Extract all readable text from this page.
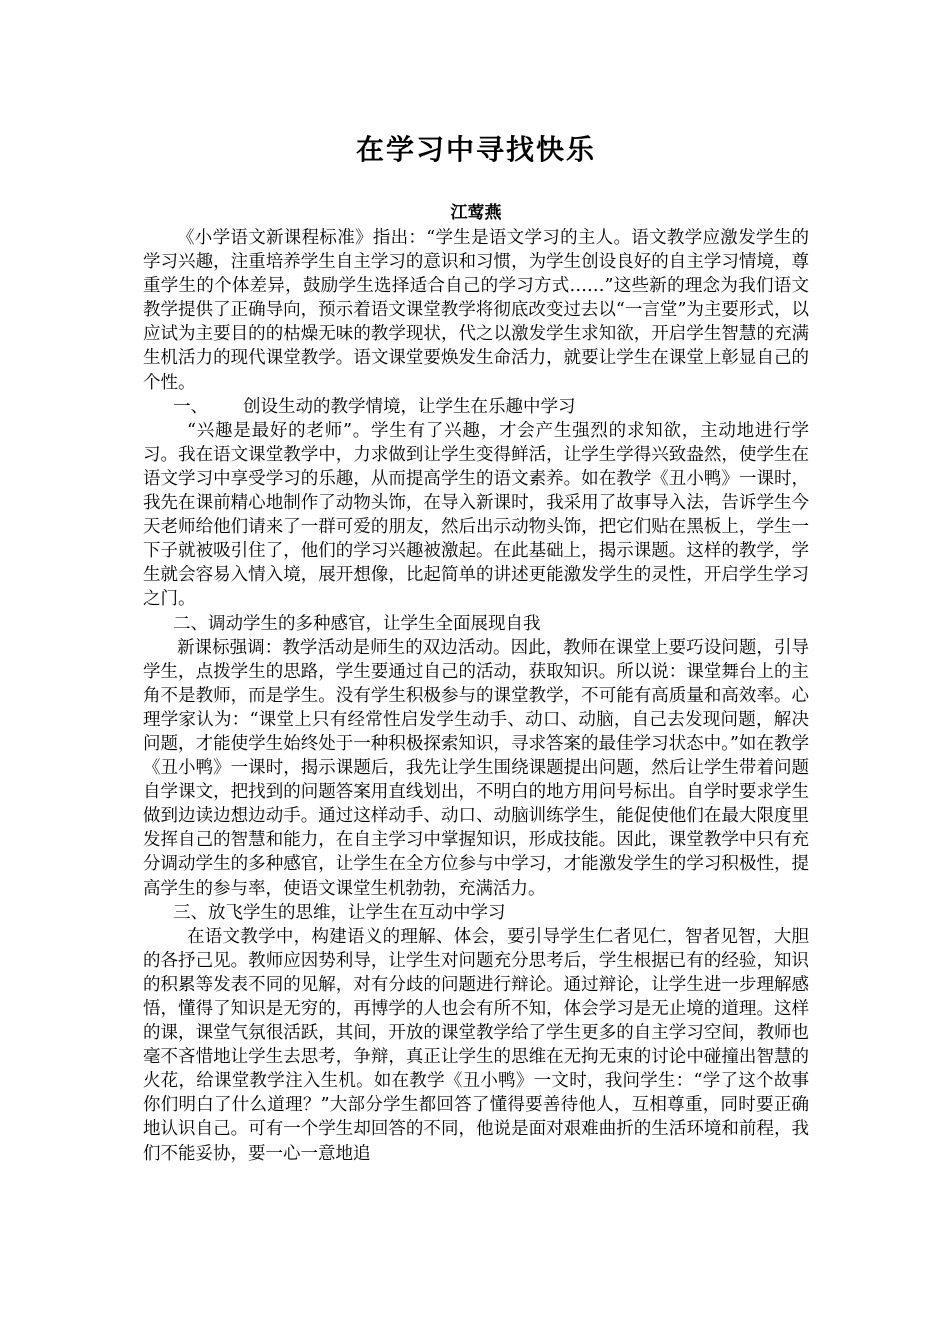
在学习中寻找快乐
江莺燕

《小学语文新课程标准》指出：“学生是语文学习的主人。语文教学应激发学生的学习兴趣，注重培养学生自主学习的意识和习惯，为学生创设良好的自主学习情境，尊重学生的个体差异，鼓励学生选择适合自己的学习方式……”这些新的理念为我们语文教学提供了正确导向，预示着语文课堂教学将彻底改变过去以“一言堂”为主要形式，以应试为主要目的的枯燥无味的教学现状，代之以激发学生求知欲，开启学生智慧的充满生机活力的现代课堂教学。语文课堂要焕发生命活力，就要让学生在课堂上彰显自己的个性。

一、 创设生动的教学情境，让学生在乐趣中学习

“兴趣是最好的老师”。学生有了兴趣，才会产生强烈的求知欲，主动地进行学习。我在语文课堂教学中，力求做到让学生变得鲜活，让学生学得兴致盎然，使学生在语文学习中享受学习的乐趣，从而提高学生的语文素养。如在教学《丑小鸭》一课时，我先在课前精心地制作了动物头饰，在导入新课时，我采用了故事导入法，告诉学生今天老师给他们请来了一群可爱的朋友，然后出示动物头饰，把它们贴在黑板上，学生一下子就被吸引住了，他们的学习兴趣被激起。在此基础上，揭示课题。这样的教学，学生就会容易入情入境，展开想像，比起简单的讲述更能激发学生的灵性，开启学生学习之门。

二、调动学生的多种感官，让学生全面展现自我

新课标强调：教学活动是师生的双边活动。因此，教师在课堂上要巧设问题，引导学生，点拨学生的思路，学生要通过自己的活动，获取知识。所以说：课堂舞台上的主角不是教师，而是学生。没有学生积极参与的课堂教学，不可能有高质量和高效率。心理学家认为：“课堂上只有经常性启发学生动手、动口、动脑，自己去发现问题，解决问题，才能使学生始终处于一种积极探索知识，寻求答案的最佳学习状态中。”如在教学《丑小鸭》一课时，揭示课题后，我先让学生围绕课题提出问题，然后让学生带着问题自学课文，把找到的问题答案用直线划出，不明白的地方用问号标出。自学时要求学生做到边读边想边动手。通过这样动手、动口、动脑训练学生，能促使他们在最大限度里发挥自己的智慧和能力，在自主学习中掌握知识，形成技能。因此，课堂教学中只有充分调动学生的多种感官，让学生在全方位参与中学习，才能激发学生的学习积极性，提高学生的参与率，使语文课堂生机勃勃，充满活力。

三、放飞学生的思维，让学生在互动中学习

在语文教学中，构建语义的理解、体会，要引导学生仁者见仁，智者见智，大胆的各抒己见。教师应因势利导，让学生对问题充分思考后，学生根据已有的经验，知识的积累等发表不同的见解，对有分歧的问题进行辩论。通过辩论，让学生进一步理解感悟，懂得了知识是无穷的，再博学的人也会有所不知，体会学习是无止境的道理。这样的课，课堂气氛很活跃，其间，开放的课堂教学给了学生更多的自主学习空间，教师也毫不吝惜地让学生去思考，争辩，真正让学生的思维在无拘无束的讨论中碰撞出智慧的火花，给课堂教学注入生机。如在教学《丑小鸭》一文时，我问学生：“学了这个故事你们明白了什么道理？”大部分学生都回答了懂得要善待他人，互相尊重，同时要正确地认识自己。可有一个学生却回答的不同，他说是面对艰难曲折的生活环境和前程，我们不能妥协，要一心一意地追
